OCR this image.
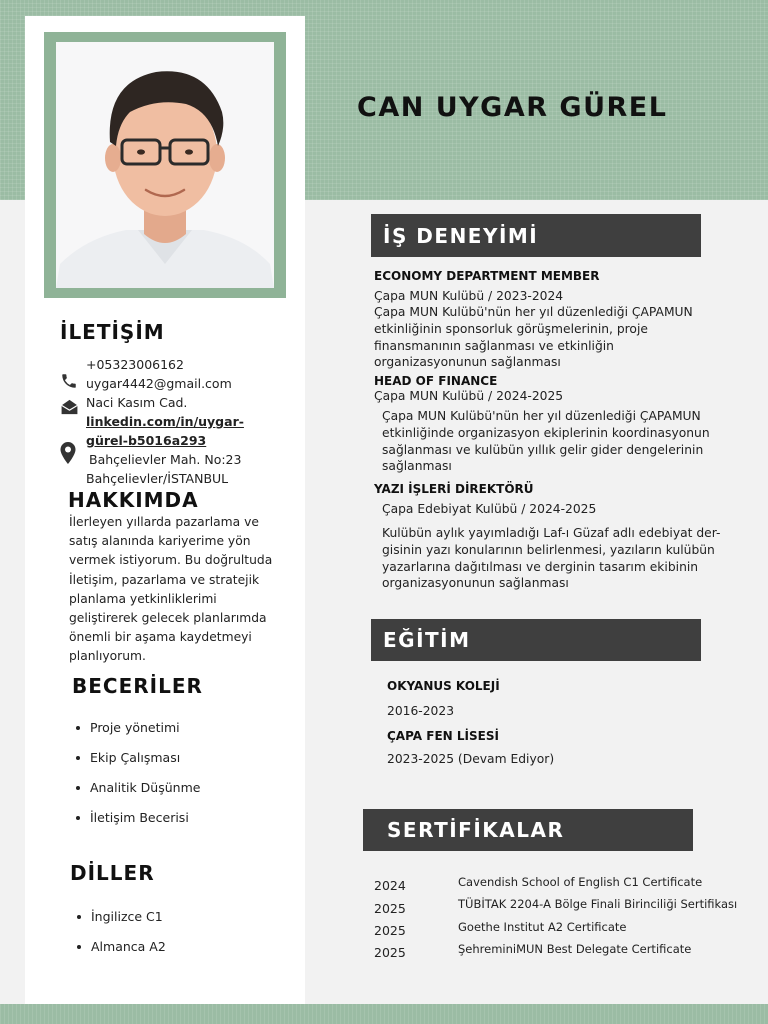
CAN UYGAR GÜREL
İLETİŞİM
+05323006162
uygar4442@gmail.com
Naci Kasım Cad.
linkedin.com/in/uygar-
gürel-b5016a293
Bahçelievler Mah. No:23
Bahçelievler/İSTANBUL
HAKKIMDA
İlerleyen yıllarda pazarlama ve
satış alanında kariyerime yön
vermek istiyorum. Bu doğrultuda
İletişim, pazarlama ve stratejik
planlama yetkinliklerimi
geliştirerek gelecek planlarımda
önemli bir aşama kaydetmeyi
planlıyorum.
BECERİLER
Proje yönetimi
Ekip Çalışması
Analitik Düşünme
İletişim Becerisi
DİLLER
İngilizce C1
Almanca A2
İŞ DENEYİMİ
ECONOMY DEPARTMENT MEMBER
Çapa MUN Kulübü / 2023-2024
Çapa MUN Kulübü'nün her yıl düzenlediği ÇAPAMUN
etkinliğinin sponsorluk görüşmelerinin, proje
finansmanının sağlanması ve etkinliğin
organizasyonunun sağlanması
HEAD OF FINANCE
Çapa MUN Kulübü / 2024-2025
Çapa MUN Kulübü'nün her yıl düzenlediği ÇAPAMUN
etkinliğinde organizasyon ekiplerinin koordinasyonun
sağlanması ve kulübün yıllık gelir gider dengelerinin
sağlanması
YAZI İŞLERİ DİREKTÖRÜ
Çapa Edebiyat Kulübü / 2024-2025
Kulübün aylık yayımladığı Laf-ı Güzaf adlı edebiyat der-
gisinin yazı konularının belirlenmesi, yazıların kulübün
yazarlarına dağıtılması ve derginin tasarım ekibinin
organizasyonunun sağlanması
EĞİTİM
OKYANUS KOLEJİ
2016-2023
ÇAPA FEN LİSESİ
2023-2025 (Devam Ediyor)
SERTİFİKALAR
2024	Cavendish School of English C1 Certificate
2025	TÜBİTAK 2204-A Bölge Finali Birinciliği Sertifikası
2025	Goethe Institut A2 Certificate
2025	ŞehreminiMUN Best Delegate Certificate
